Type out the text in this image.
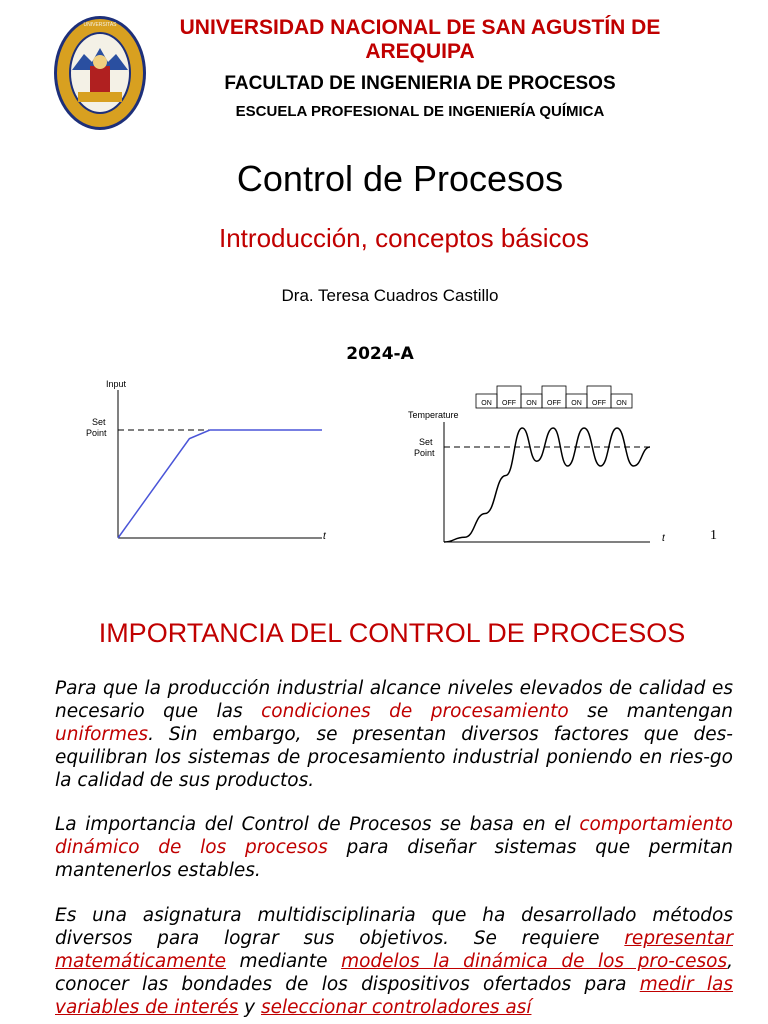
UNIVERSITAS	UNIVERSIDAD NACIONAL DE SAN AGUSTÍN DE AREQUIPA
FACULTAD DE INGENIERIA DE PROCESOS
ESCUELA PROFESIONAL DE INGENIERÍA QUÍMICA
Control de Procesos
Introducción, conceptos básicos
Dra. Teresa Cuadros Castillo
2024-A
Input
Set
Point
t
ON OFF ON OFF ON OFF ON
Temperature
Set
Point
t	1
IMPORTANCIA DEL CONTROL DE PROCESOS
Para que la producción industrial alcance niveles elevados de calidad es necesario que las condiciones de procesamiento se mantengan uniformes. Sin embargo, se presentan diversos factores que des-equilibran los sistemas de procesamiento industrial poniendo en ries-go la calidad de sus productos.
La importancia del Control de Procesos se basa en el comportamiento dinámico de los procesos para diseñar sistemas que permitan mantenerlos estables.
Es una asignatura multidisciplinaria que ha desarrollado métodos diversos para lograr sus objetivos. Se requiere representar matemáticamente mediante modelos la dinámica de los pro-cesos, conocer las bondades de los dispositivos ofertados para medir las variables de interés y seleccionar controladores así
